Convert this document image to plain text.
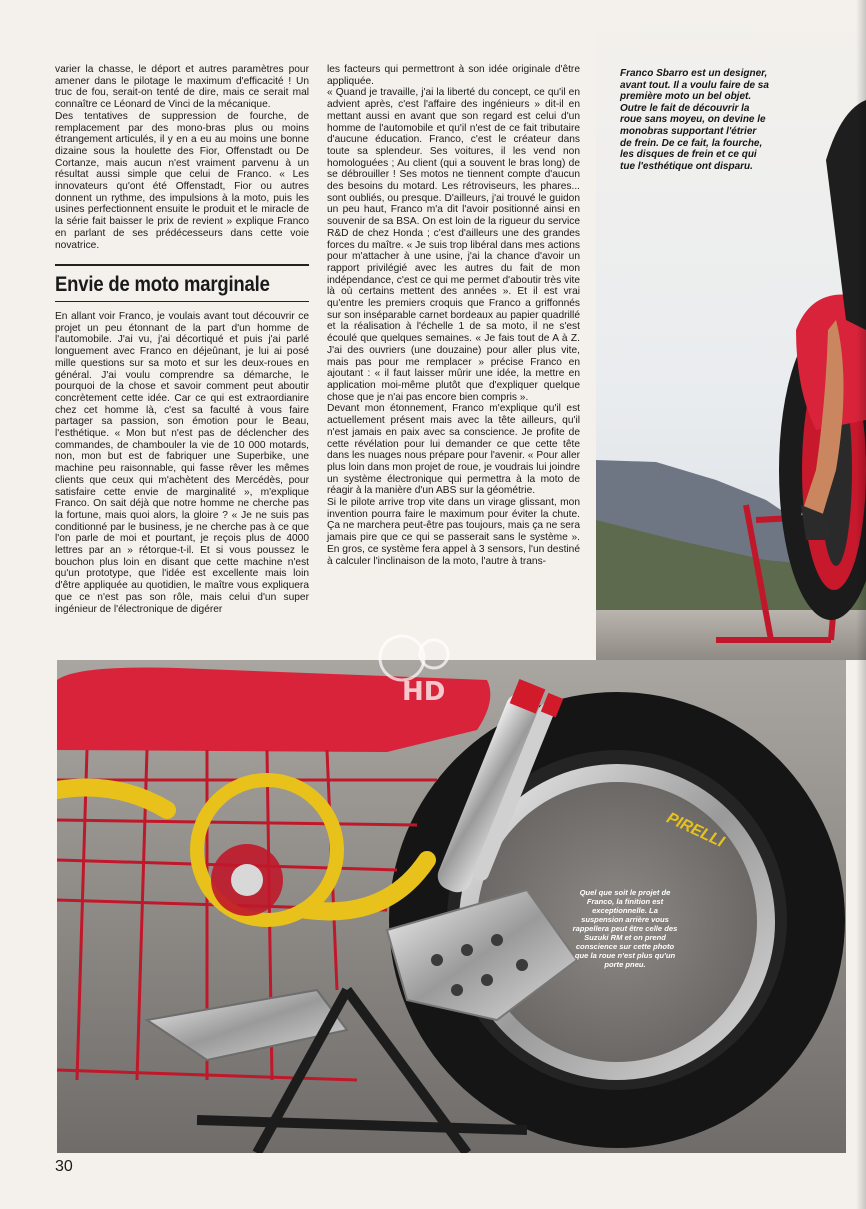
varier la chasse, le déport et autres paramètres pour amener dans le pilotage le maximum d'efficacité ! Un truc de fou, serait-on tenté de dire, mais ce serait mal connaître ce Léonard de Vinci de la mécanique.
Des tentatives de suppression de fourche, de remplacement par des mono-bras plus ou moins étrangement articulés, il y en a eu au moins une bonne dizaine sous la houlette des Fior, Offenstadt ou De Cortanze, mais aucun n'est vraiment parvenu à un résultat aussi simple que celui de Franco. « Les innovateurs qu'ont été Offenstadt, Fior ou autres donnent un rythme, des impulsions à la moto, puis les usines perfectionnent ensuite le produit et le miracle de la série fait baisser le prix de revient » explique Franco en parlant de ses prédécesseurs dans cette voie novatrice.

Envie de moto marginale

En allant voir Franco, je voulais avant tout découvrir ce projet un peu étonnant de la part d'un homme de l'automobile. J'ai vu, j'ai décortiqué et puis j'ai parlé longuement avec Franco en déjeûnant, je lui ai posé mille questions sur sa moto et sur les deux-roues en général. J'ai voulu comprendre sa démarche, le pourquoi de la chose et savoir comment peut aboutir concrètement cette idée. Car ce qui est extraordianire chez cet homme là, c'est sa faculté à vous faire partager sa passion, son émotion pour le Beau, l'esthétique. « Mon but n'est pas de déclencher des commandes, de chambouler la vie de 10 000 motards, non, mon but est de fabriquer une Superbike, une machine peu raisonnable, qui fasse rêver les mêmes clients que ceux qui m'achètent des Mercédès, pour satisfaire cette envie de marginalité », m'explique Franco. On sait déjà que notre homme ne cherche pas la fortune, mais quoi alors, la gloire ? « Je ne suis pas conditionné par le business, je ne cherche pas à ce que l'on parle de moi et pourtant, je reçois plus de 4000 lettres par an » rétorque-t-il. Et si vous poussez le bouchon plus loin en disant que cette machine n'est qu'un prototype, que l'idée est excellente mais loin d'être appliquée au quotidien, le maître vous expliquera que ce n'est pas son rôle, mais celui d'un super ingénieur de l'électronique de digérer

les facteurs qui permettront à son idée originale d'être appliquée.
« Quand je travaille, j'ai la liberté du concept, ce qu'il en advient après, c'est l'affaire des ingénieurs » dit-il en mettant aussi en avant que son regard est celui d'un homme de l'automobile et qu'il n'est de ce fait tributaire d'aucune éducation. Franco, c'est le créateur dans toute sa splendeur. Ses voitures, il les vend non homologuées ; Au client (qui a souvent le bras long) de se débrouiller ! Ses motos ne tiennent compte d'aucun des besoins du motard. Les rétroviseurs, les phares... sont oubliés, ou presque. D'ailleurs, j'ai trouvé le guidon un peu haut, Franco m'a dit l'avoir positionné ainsi en souvenir de sa BSA. On est loin de la rigueur du service R&D de chez Honda ; c'est d'ailleurs une des grandes forces du maître. « Je suis trop libéral dans mes actions pour m'attacher à une usine, j'ai la chance d'avoir un rapport privilégié avec les autres du fait de mon indépendance, c'est ce qui me permet d'aboutir très vite là où certains mettent des années ». Et il est vrai qu'entre les premiers croquis que Franco a griffonnés sur son inséparable carnet bordeaux au papier quadrillé et la réalisation à l'échelle 1 de sa moto, il ne s'est écoulé que quelques semaines. « Je fais tout de A à Z. J'ai des ouvriers (une douzaine) pour aller plus vite, mais pas pour me remplacer » précise Franco en ajoutant : « il faut laisser mûrir une idée, la mettre en application moi-même plutôt que d'expliquer quelque chose que je n'ai pas encore bien compris ».
Devant mon étonnement, Franco m'explique qu'il est actuellement présent mais avec la tête ailleurs, qu'il n'est jamais en paix avec sa conscience. Je profite de cette révélation pour lui demander ce que cette tête dans les nuages nous prépare pour l'avenir. « Pour aller plus loin dans mon projet de roue, je voudrais lui joindre un système électronique qui permettra à la moto de réagir à la manière d'un ABS sur la géométrie.
Si le pilote arrive trop vite dans un virage glissant, mon invention pourra faire le maximum pour éviter la chute. Ça ne marchera peut-être pas toujours, mais ça ne sera jamais pire que ce qui se passerait sans le système ». En gros, ce système fera appel à 3 sensors, l'un destiné à calculer l'inclinaison de la moto, l'autre à trans-

Franco Sbarro est un designer, avant tout. Il a voulu faire de sa première moto un bel objet. Outre le fait de découvrir la roue sans moyeu, on devine le monobras supportant l'étrier de frein. De ce fait, la fourche, les disques de frein et ce qui tue l'esthétique ont disparu.
PIRELLI
Quel que soit le projet de Franco, la finition est exceptionnelle. La suspension arrière vous rappellera peut être celle des Suzuki RM et on prend conscience sur cette photo que la roue n'est plus qu'un porte pneu.
HD
30
